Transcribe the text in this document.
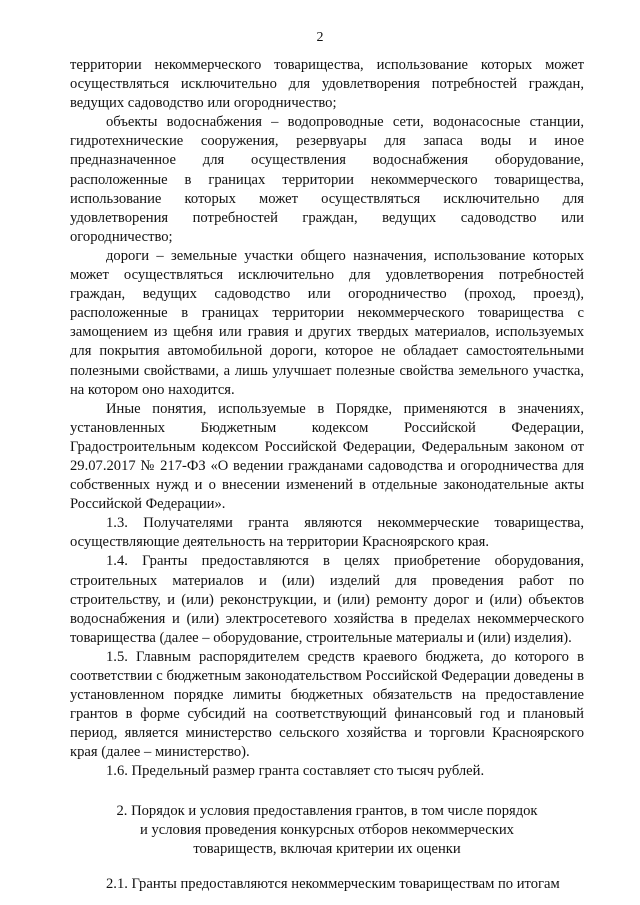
2

территории некоммерческого товарищества, использование которых может осуществляться исключительно для удовлетворения потребностей граждан, ведущих садоводство или огородничество;

объекты водоснабжения – водопроводные сети, водонасосные станции, гидротехнические сооружения, резервуары для запаса воды и иное предназначенное для осуществления водоснабжения оборудование, расположенные в границах территории некоммерческого товарищества, использование которых может осуществляться исключительно для удовлетворения потребностей граждан, ведущих садоводство или огородничество;

дороги – земельные участки общего назначения, использование которых может осуществляться исключительно для удовлетворения потребностей граждан, ведущих садоводство или огородничество (проход, проезд), расположенные в границах территории некоммерческого товарищества с замощением из щебня или гравия и других твердых материалов, используемых для покрытия автомобильной дороги, которое не обладает самостоятельными полезными свойствами, а лишь улучшает полезные свойства земельного участка, на котором оно находится.

Иные понятия, используемые в Порядке, применяются в значениях, установленных Бюджетным кодексом Российской Федерации, Градостроительным кодексом Российской Федерации, Федеральным законом от 29.07.2017 № 217-ФЗ «О ведении гражданами садоводства и огородничества для собственных нужд и о внесении изменений в отдельные законодательные акты Российской Федерации».

1.3. Получателями гранта являются некоммерческие товарищества, осуществляющие деятельность на территории Красноярского края.

1.4. Гранты предоставляются в целях приобретение оборудования, строительных материалов и (или) изделий для проведения работ по строительству, и (или) реконструкции, и (или) ремонту дорог и (или) объектов водоснабжения и (или) электросетевого хозяйства в пределах некоммерческого товарищества (далее – оборудование, строительные материалы и (или) изделия).

1.5. Главным распорядителем средств краевого бюджета, до которого в соответствии с бюджетным законодательством Российской Федерации доведены в установленном порядке лимиты бюджетных обязательств на предоставление грантов в форме субсидий на соответствующий финансовый год и плановый период, является министерство сельского хозяйства и торговли Красноярского края (далее – министерство).

1.6. Предельный размер гранта составляет сто тысяч рублей.

2. Порядок и условия предоставления грантов, в том числе порядок
и условия проведения конкурсных отборов некоммерческих
товариществ, включая критерии их оценки

2.1. Гранты предоставляются некоммерческим товариществам по итогам
